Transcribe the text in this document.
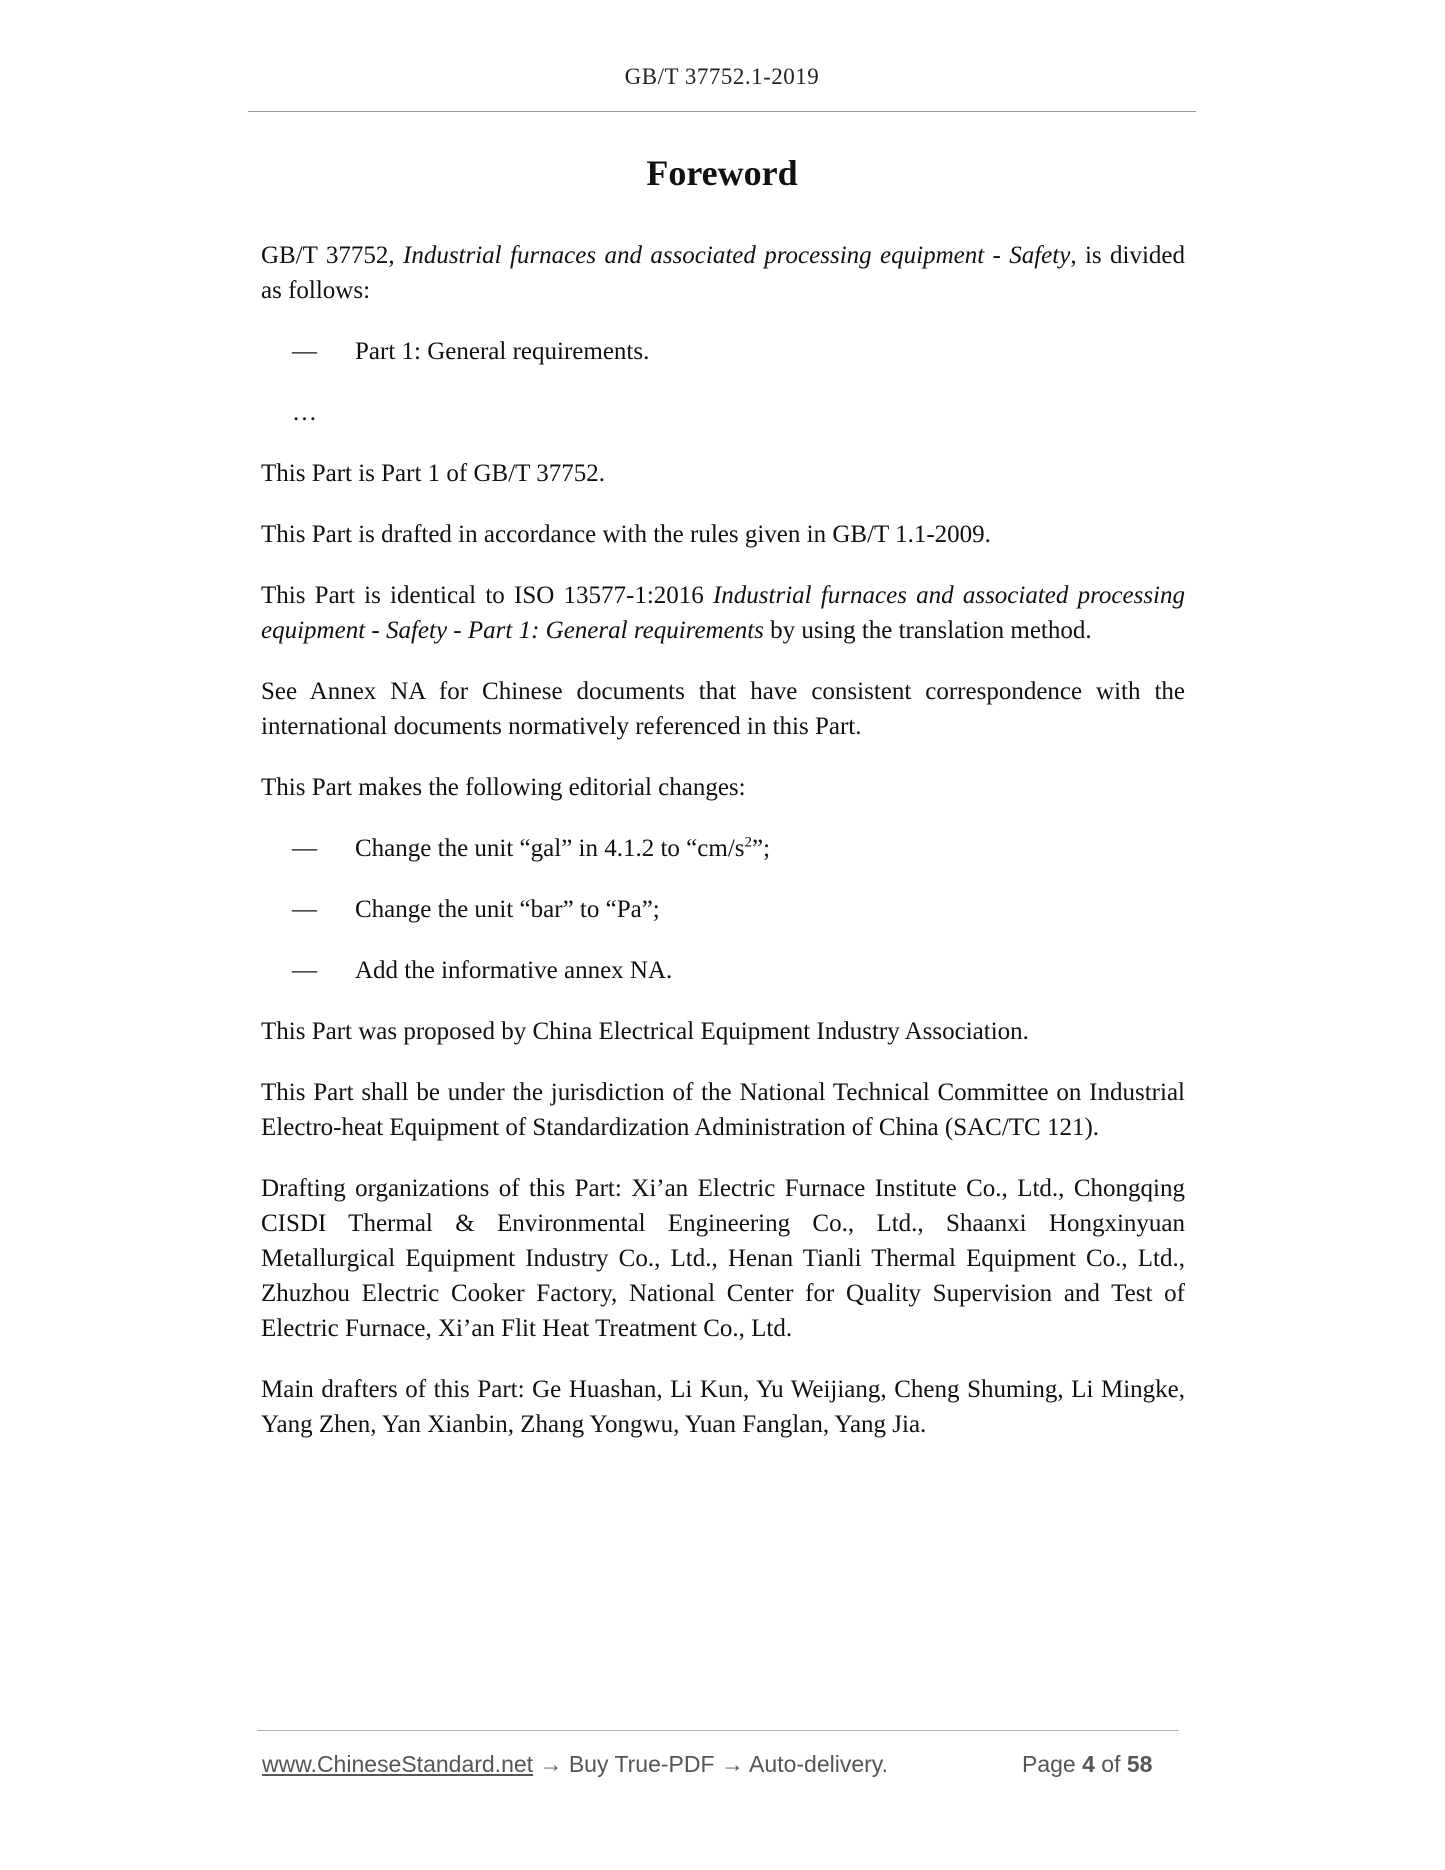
GB/T 37752.1-2019
Foreword

GB/T 37752, Industrial furnaces and associated processing equipment - Safety, is divided as follows:

— Part 1: General requirements.
…

This Part is Part 1 of GB/T 37752.

This Part is drafted in accordance with the rules given in GB/T 1.1-2009.

This Part is identical to ISO 13577-1:2016 Industrial furnaces and associated processing equipment - Safety - Part 1: General requirements by using the translation method.

See Annex NA for Chinese documents that have consistent correspondence with the international documents normatively referenced in this Part.

This Part makes the following editorial changes:

— Change the unit “gal” in 4.1.2 to “$cm/s^2$”;
— Change the unit “bar” to “Pa”;
— Add the informative annex NA.

This Part was proposed by China Electrical Equipment Industry Association.

This Part shall be under the jurisdiction of the National Technical Committee on Industrial Electro-heat Equipment of Standardization Administration of China (SAC/TC 121).

Drafting organizations of this Part: Xi’an Electric Furnace Institute Co., Ltd., Chongqing CISDI Thermal & Environmental Engineering Co., Ltd., Shaanxi Hongxinyuan Metallurgical Equipment Industry Co., Ltd., Henan Tianli Thermal Equipment Co., Ltd., Zhuzhou Electric Cooker Factory, National Center for Quality Supervision and Test of Electric Furnace, Xi’an Flit Heat Treatment Co., Ltd.

Main drafters of this Part: Ge Huashan, Li Kun, Yu Weijiang, Cheng Shuming, Li Mingke, Yang Zhen, Yan Xianbin, Zhang Yongwu, Yuan Fanglan, Yang Jia.

www.ChineseStandard.net → Buy True-PDF → Auto-delivery.	Page 4 of 58
